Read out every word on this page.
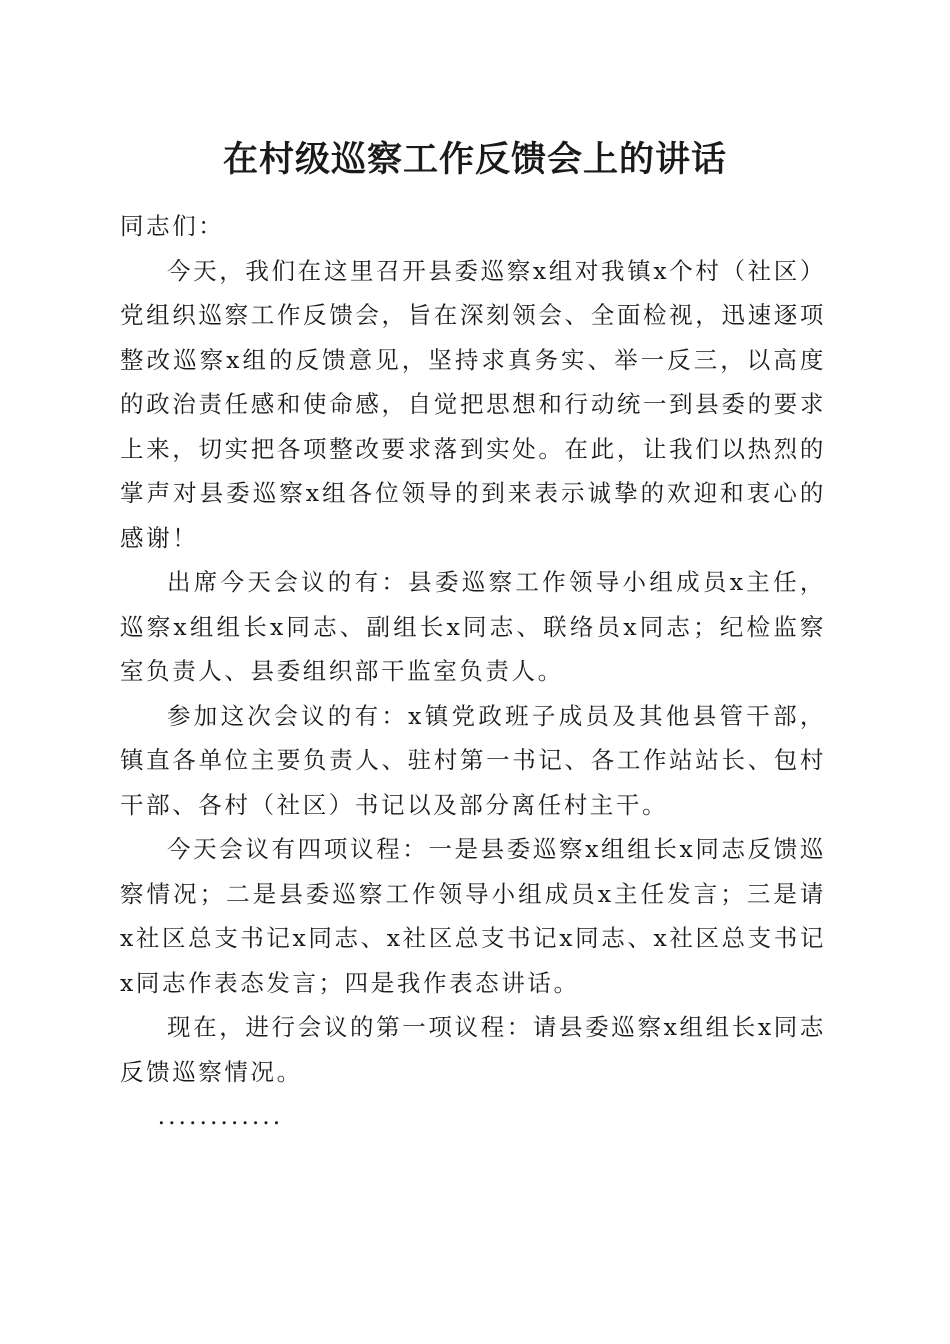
在村级巡察工作反馈会上的讲话

同志们：

今天，我们在这里召开县委巡察x组对我镇x个村（社区）党组织巡察工作反馈会，旨在深刻领会、全面检视，迅速逐项整改巡察x组的反馈意见，坚持求真务实、举一反三，以高度的政治责任感和使命感，自觉把思想和行动统一到县委的要求上来，切实把各项整改要求落到实处。在此，让我们以热烈的掌声对县委巡察x组各位领导的到来表示诚挚的欢迎和衷心的感谢！

出席今天会议的有：县委巡察工作领导小组成员x主任，巡察x组组长x同志、副组长x同志、联络员x同志；纪检监察室负责人、县委组织部干监室负责人。

参加这次会议的有：x镇党政班子成员及其他县管干部，镇直各单位主要负责人、驻村第一书记、各工作站站长、包村干部、各村（社区）书记以及部分离任村主干。

今天会议有四项议程：一是县委巡察x组组长x同志反馈巡察情况；二是县委巡察工作领导小组成员x主任发言；三是请x社区总支书记x同志、x社区总支书记x同志、x社区总支书记x同志作表态发言；四是我作表态讲话。

现在，进行会议的第一项议程：请县委巡察x组组长x同志反馈巡察情况。

............
